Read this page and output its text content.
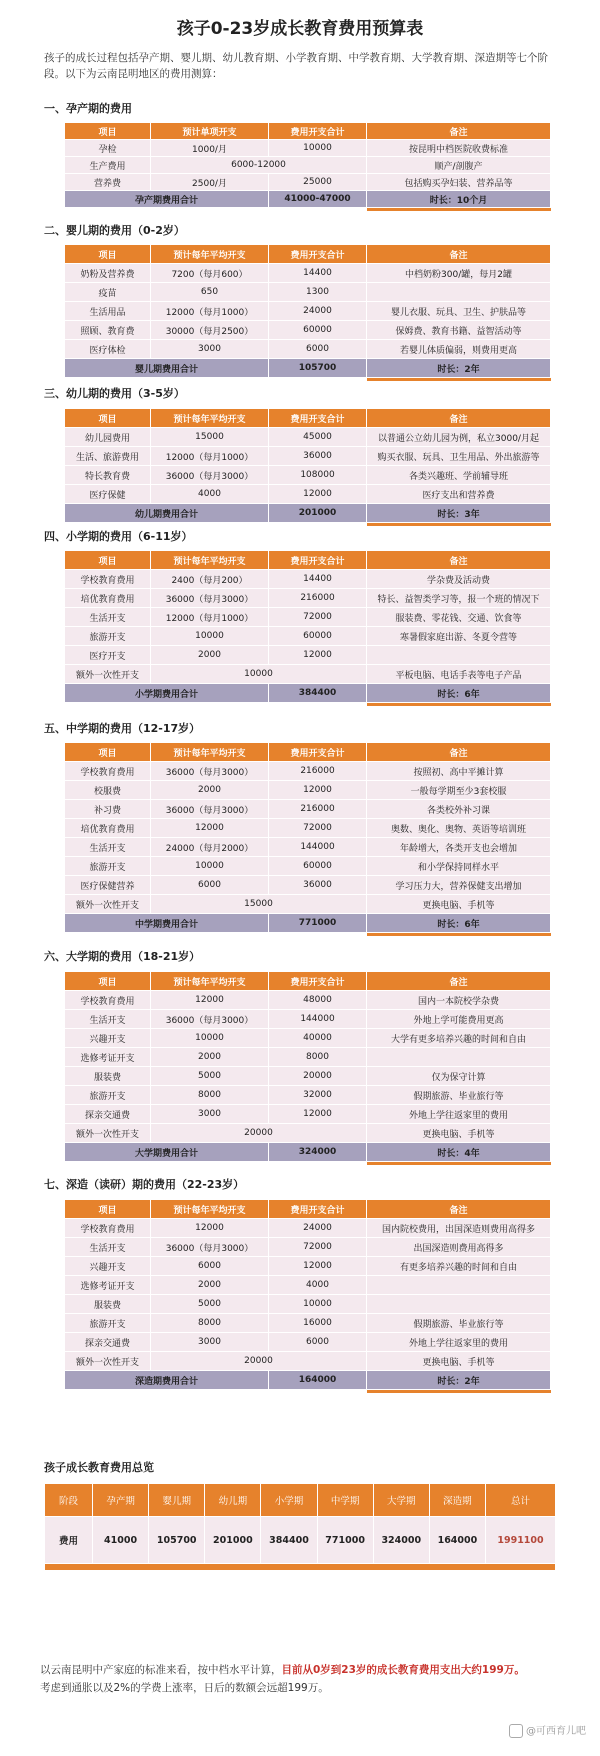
孩子0-23岁成长教育费用预算表
孩子的成长过程包括孕产期、婴儿期、幼儿教育期、小学教育期、中学教育期、大学教育期、深造期等七个阶段。以下为云南昆明地区的费用测算：
一、孕产期的费用
项目	预计单项开支	费用开支合计	备注
孕检	1000/月	10000	按昆明中档医院收费标准
生产费用	6000-12000		顺产/剖腹产
营养费	2500/月	25000	包括购买孕妇装、营养品等
孕产期费用合计		41000-47000	时长：10个月

二、婴儿期的费用（0-2岁）
项目	预计每年平均开支	费用开支合计	备注
奶粉及营养费	7200（每月600）	14400	中档奶粉300/罐，每月2罐
疫苗	650	1300	
生活用品	12000（每月1000）	24000	婴儿衣服、玩具、卫生、护肤品等
照顾、教育费	30000（每月2500）	60000	保姆费、教育书籍、益智活动等
医疗体检	3000	6000	若婴儿体质偏弱，则费用更高
婴儿期费用合计		105700	时长：2年

三、幼儿期的费用（3-5岁）
项目	预计每年平均开支	费用开支合计	备注
幼儿园费用	15000	45000	以普通公立幼儿园为例，私立3000/月起
生活、旅游费用	12000（每月1000）	36000	购买衣服、玩具、卫生用品、外出旅游等
特长教育费	36000（每月3000）	108000	各类兴趣班、学前辅导班
医疗保健	4000	12000	医疗支出和营养费
幼儿期费用合计		201000	时长：3年

四、小学期的费用（6-11岁）
项目	预计每年平均开支	费用开支合计	备注
学校教育费用	2400（每月200）	14400	学杂费及活动费
培优教育费用	36000（每月3000）	216000	特长、益智类学习等，报一个班的情况下
生活开支	12000（每月1000）	72000	服装费、零花钱、交通、饮食等
旅游开支	10000	60000	寒暑假家庭出游、冬夏令营等
医疗开支	2000	12000	
额外一次性开支	10000		平板电脑、电话手表等电子产品
小学期费用合计		384400	时长：6年

五、中学期的费用（12-17岁）
项目	预计每年平均开支	费用开支合计	备注
学校教育费用	36000（每月3000）	216000	按照初、高中平摊计算
校服费	2000	12000	一般每学期至少3套校服
补习费	36000（每月3000）	216000	各类校外补习课
培优教育费用	12000	72000	奥数、奥化、奥物、英语等培训班
生活开支	24000（每月2000）	144000	年龄增大，各类开支也会增加
旅游开支	10000	60000	和小学保持同样水平
医疗保健营养	6000	36000	学习压力大，营养保健支出增加
额外一次性开支	15000		更换电脑、手机等
中学期费用合计		771000	时长：6年

六、大学期的费用（18-21岁）
项目	预计每年平均开支	费用开支合计	备注
学校教育费用	12000	48000	国内一本院校学杂费
生活开支	36000（每月3000）	144000	外地上学可能费用更高
兴趣开支	10000	40000	大学有更多培养兴趣的时间和自由
选修考证开支	2000	8000	
服装费	5000	20000	仅为保守计算
旅游开支	8000	32000	假期旅游、毕业旅行等
探亲交通费	3000	12000	外地上学往返家里的费用
额外一次性开支	20000		更换电脑、手机等
大学期费用合计		324000	时长：4年

七、深造（读研）期的费用（22-23岁）
项目	预计每年平均开支	费用开支合计	备注
学校教育费用	12000	24000	国内院校费用，出国深造则费用高得多
生活开支	36000（每月3000）	72000	出国深造则费用高得多
兴趣开支	6000	12000	有更多培养兴趣的时间和自由
选修考证开支	2000	4000	
服装费	5000	10000	
旅游开支	8000	16000	假期旅游、毕业旅行等
探亲交通费	3000	6000	外地上学往返家里的费用
额外一次性开支	20000		更换电脑、手机等
深造期费用合计		164000	时长：2年

孩子成长教育费用总览
阶段	孕产期	婴儿期	幼儿期	小学期	中学期	大学期	深造期	总计
费用	41000	105700	201000	384400	771000	324000	164000	1991100

以云南昆明中产家庭的标准来看，按中档水平计算，目前从0岁到23岁的成长教育费用支出大约199万。
考虑到通胀以及2%的学费上涨率，日后的数额会远超199万。
@可西育儿吧
